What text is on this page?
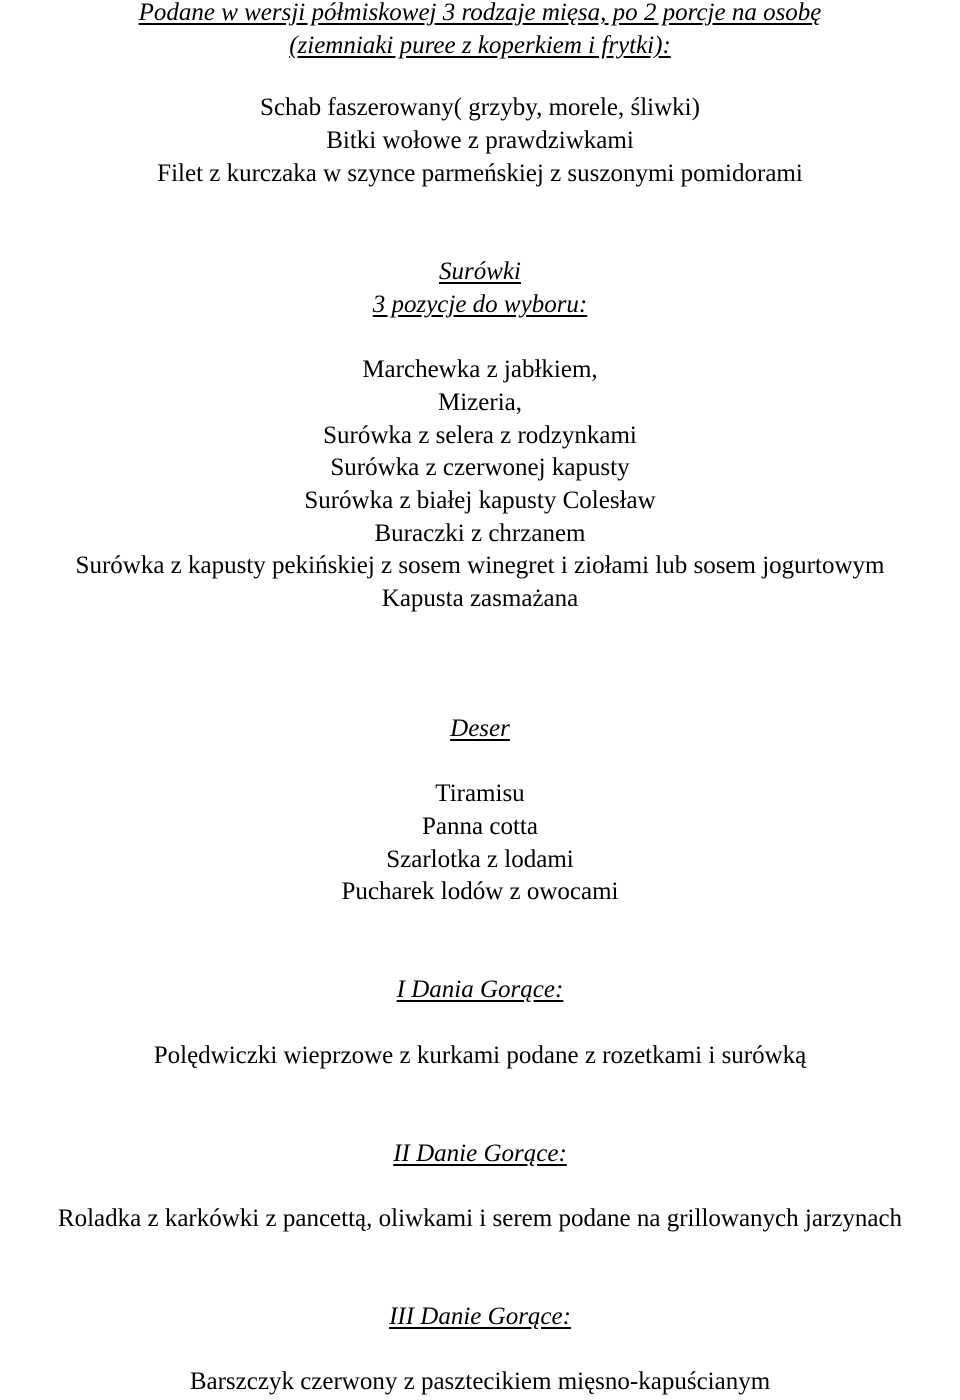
Podane w wersji półmiskowej 3 rodzaje mięsa, po 2 porcje na osobę
(ziemniaki puree z koperkiem i frytki):
Schab faszerowany( grzyby, morele, śliwki)
Bitki wołowe z prawdziwkami
Filet z kurczaka w szynce parmeńskiej z suszonymi pomidorami
Surówki
3 pozycje do wyboru:
Marchewka z jabłkiem,
Mizeria,
Surówka z selera z rodzynkami
Surówka z czerwonej kapusty
Surówka z białej kapusty Colesław
Buraczki z chrzanem
Surówka z kapusty pekińskiej z sosem winegret i ziołami lub sosem jogurtowym
Kapusta zasmażana
Deser
Tiramisu
Panna cotta
Szarlotka z lodami
Pucharek lodów z owocami
I Dania Gorące:
Polędwiczki wieprzowe z kurkami podane z rozetkami i surówką
II Danie Gorące:
Roladka z karkówki z pancettą, oliwkami i serem podane na grillowanych jarzynach
III Danie Gorące:
Barszczyk czerwony z pasztecikiem mięsno-kapuścianym
